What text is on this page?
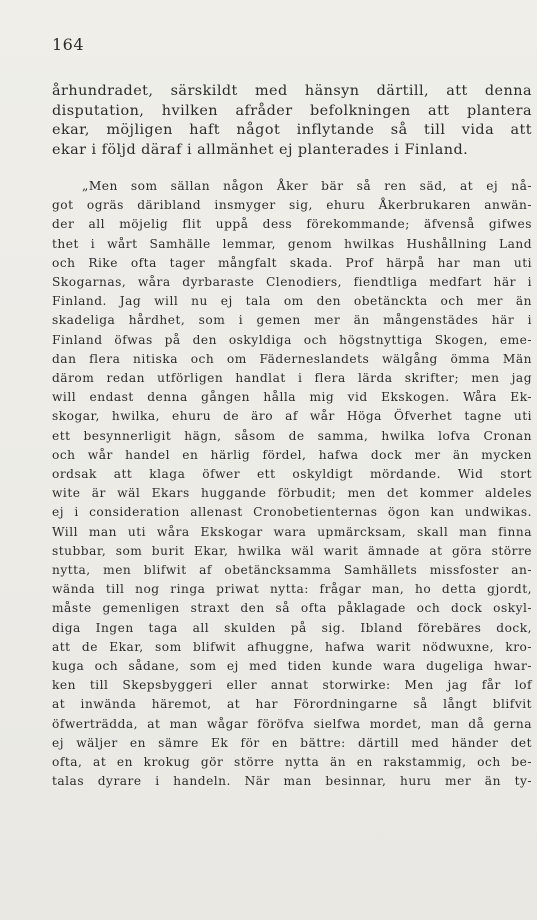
164
århundradet, särskildt med hänsyn därtill, att denna
disputation, hvilken afråder befolkningen att plantera
ekar, möjligen haft något inflytande så till vida att
ekar i följd däraf i allmänhet ej planterades i Finland.
„Men som sällan någon Åker bär så ren säd, at ej nå-
got ogräs däribland insmyger sig, ehuru Åkerbrukaren anwän-
der all möjelig flit uppå dess förekommande; äfvenså gifwes
thet i wårt Samhälle lemmar, genom hwilkas Hushållning Land
och Rike ofta tager mångfalt skada. Prof härpå har man uti
Skogarnas, wåra dyrbaraste Clenodiers, fiendtliga medfart här i
Finland. Jag will nu ej tala om den obetänckta och mer än
skadeliga hårdhet, som i gemen mer än mångenstädes här i
Finland öfwas på den oskyldiga och högstnyttiga Skogen, eme-
dan flera nitiska och om Fäderneslandets wälgång ömma Män
därom redan utförligen handlat i flera lärda skrifter; men jag
will endast denna gången hålla mig vid Ekskogen. Wåra Ek-
skogar, hwilka, ehuru de äro af wår Höga Öfverhet tagne uti
ett besynnerligit hägn, såsom de samma, hwilka lofva Cronan
och wår handel en härlig fördel, hafwa dock mer än mycken
ordsak att klaga öfwer ett oskyldigt mördande. Wid stort
wite är wäl Ekars huggande förbudit; men det kommer aldeles
ej i consideration allenast Cronobetienternas ögon kan undwikas.
Will man uti wåra Ekskogar wara upmärcksam, skall man finna
stubbar, som burit Ekar, hwilka wäl warit ämnade at göra större
nytta, men blifwit af obetäncksamma Samhällets missfoster an-
wända till nog ringa priwat nytta: frågar man, ho detta gjordt,
måste gemenligen straxt den så ofta påklagade och dock oskyl-
diga Ingen taga all skulden på sig. Ibland förebäres dock,
att de Ekar, som blifwit afhuggne, hafwa warit nödwuxne, kro-
kuga och sådane, som ej med tiden kunde wara dugeliga hwar-
ken till Skepsbyggeri eller annat storwirke: Men jag får lof
at inwända häremot, at har Förordningarne så långt blifvit
öfwerträdda, at man wågar föröfva sielfwa mordet, man då gerna
ej wäljer en sämre Ek för en bättre: därtill med händer det
ofta, at en krokug gör större nytta än en rakstammig, och be-
talas dyrare i handeln. När man besinnar, huru mer än ty-
